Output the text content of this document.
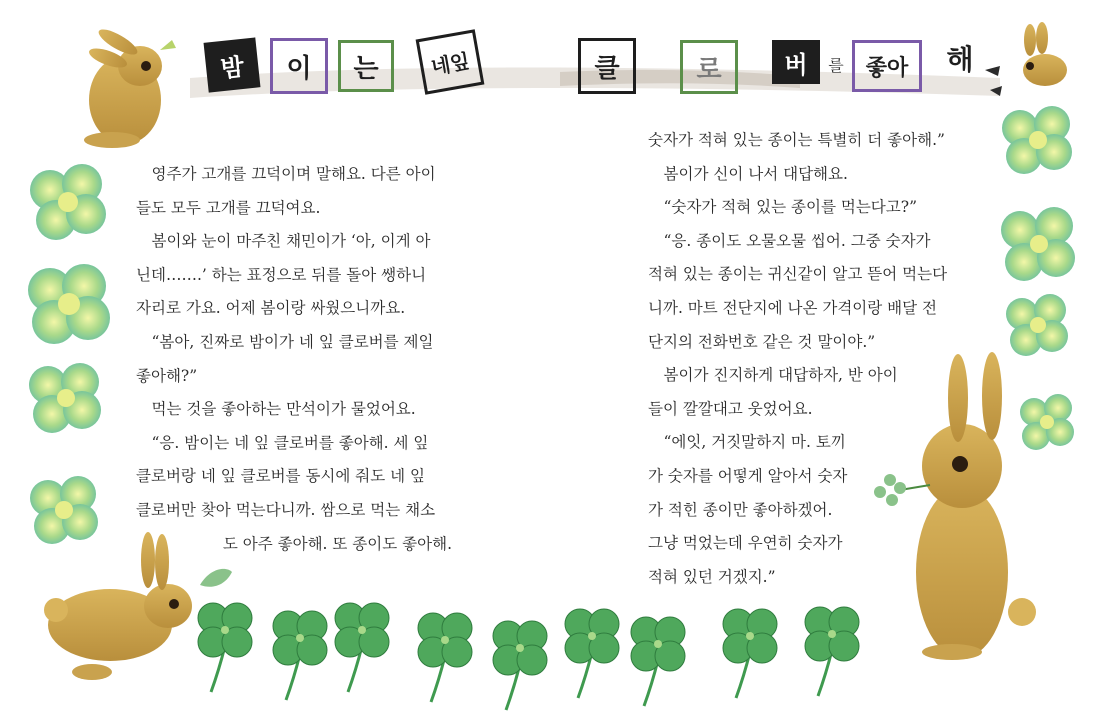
밤	이	는	네잎	클	로	버	를	좋아	해

영주가 고개를 끄덕이며 말해요. 다른 아이

들도 모두 고개를 끄덕여요.

봄이와 눈이 마주친 채민이가 ‘아, 이게 아

닌데…….’ 하는 표정으로 뒤를 돌아 쌩하니

자리로 가요. 어제 봄이랑 싸웠으니까요.

“봄아, 진짜로 밤이가 네 잎 클로버를 제일

좋아해?”

먹는 것을 좋아하는 만석이가 물었어요.

“응. 밤이는 네 잎 클로버를 좋아해. 세 잎

클로버랑 네 잎 클로버를 동시에 줘도 네 잎

클로버만 찾아 먹는다니까. 쌈으로 먹는 채소

도 아주 좋아해. 또 종이도 좋아해.

숫자가 적혀 있는 종이는 특별히 더 좋아해.”

봄이가 신이 나서 대답해요.

“숫자가 적혀 있는 종이를 먹는다고?”

“응. 종이도 오물오물 씹어. 그중 숫자가

적혀 있는 종이는 귀신같이 알고 뜯어 먹는다

니까. 마트 전단지에 나온 가격이랑 배달 전

단지의 전화번호 같은 것 말이야.”

봄이가 진지하게 대답하자, 반 아이

들이 깔깔대고 웃었어요.

“에잇, 거짓말하지 마. 토끼

가 숫자를 어떻게 알아서 숫자

가 적힌 종이만 좋아하겠어.

그냥 먹었는데 우연히 숫자가

적혀 있던 거겠지.”
